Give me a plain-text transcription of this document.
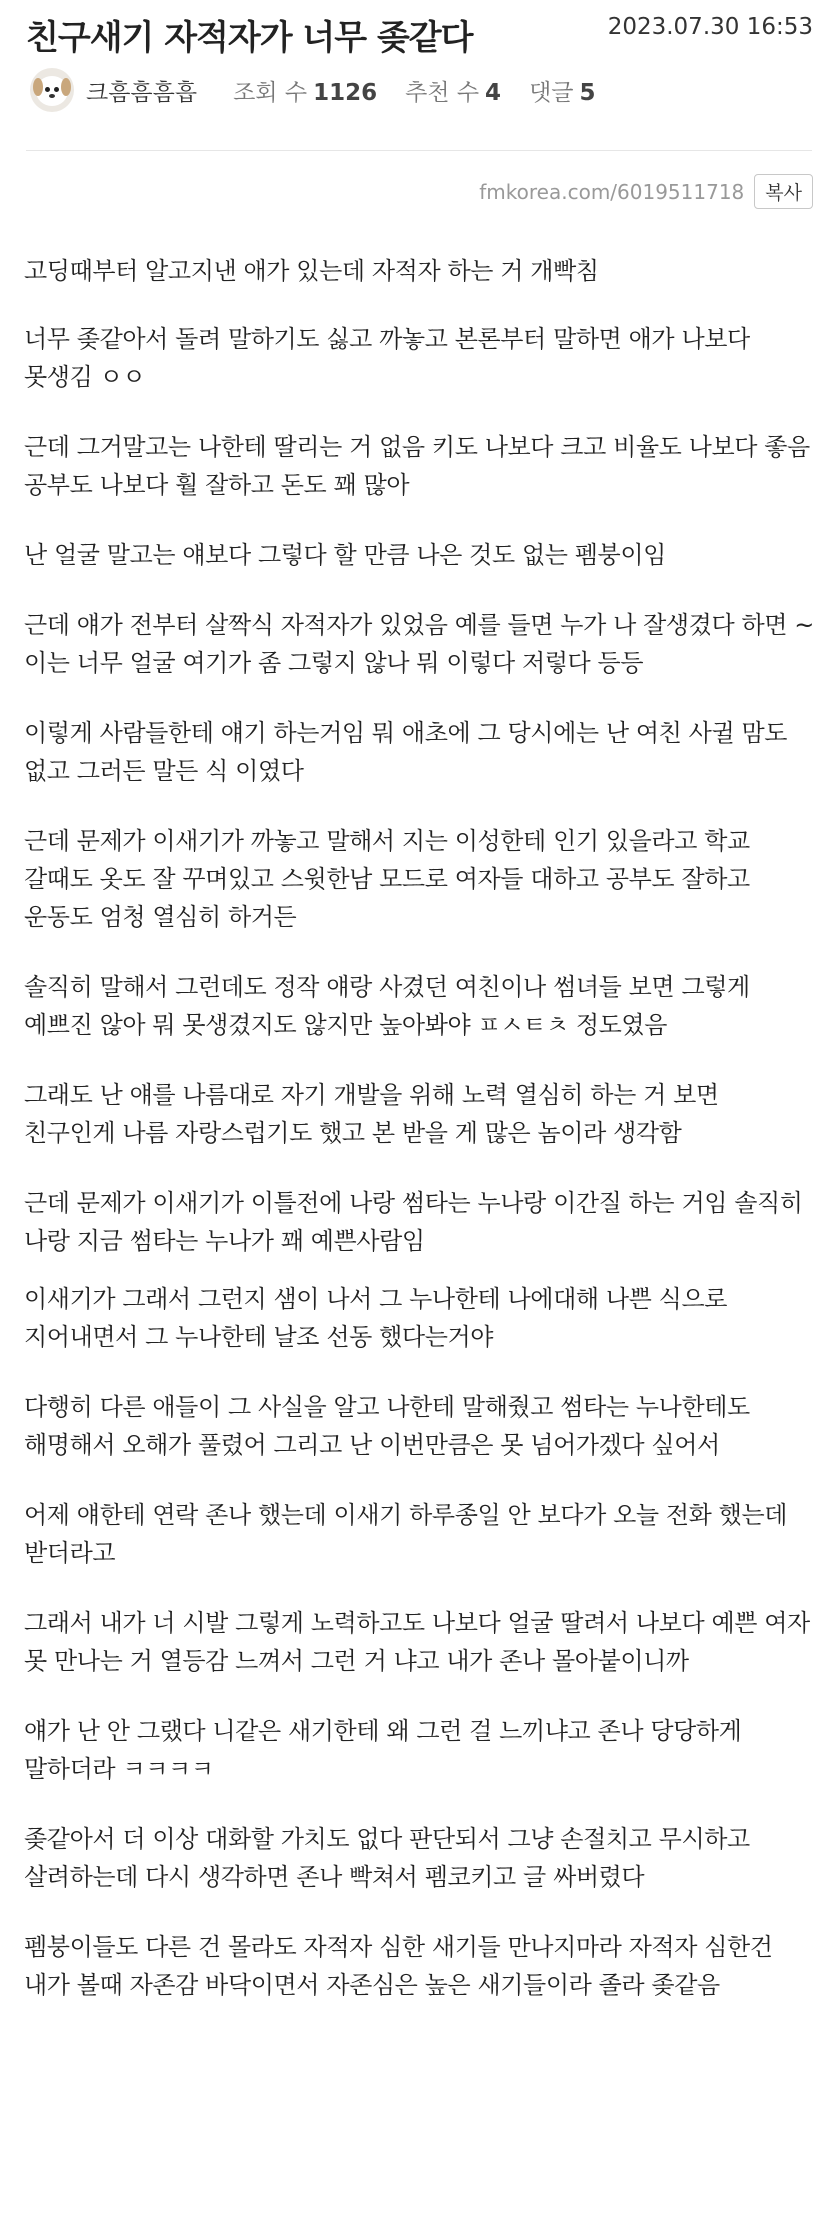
친구새기 자적자가 너무 좆같다	2023.07.30 16:53
크흠흠흠흡 조회 수 1126 추천 수 4 댓글 5
fmkorea.com/6019511718	복사

고딩때부터 알고지낸 애가 있는데 자적자 하는 거 개빡침

너무 좆같아서 돌려 말하기도 싫고 까놓고 본론부터 말하면 애가 나보다 못생김 ㅇㅇ

근데 그거말고는 나한테 딸리는 거 없음 키도 나보다 크고 비율도 나보다 좋음 공부도 나보다 훨 잘하고 돈도 꽤 많아

난 얼굴 말고는 얘보다 그렇다 할 만큼 나은 것도 없는 펨붕이임

근데 얘가 전부터 살짝식 자적자가 있었음 예를 들면 누가 나 잘생겼다 하면 ~이는 너무 얼굴 여기가 좀 그렇지 않나 뭐 이렇다 저렇다 등등

이렇게 사람들한테 얘기 하는거임 뭐 애초에 그 당시에는 난 여친 사귈 맘도 없고 그러든 말든 식 이였다

근데 문제가 이새기가 까놓고 말해서 지는 이성한테 인기 있을라고 학교 갈때도 옷도 잘 꾸며있고 스윗한남 모드로 여자들 대하고 공부도 잘하고 운동도 엄청 열심히 하거든

솔직히 말해서 그런데도 정작 얘랑 사겼던 여친이나 썸녀들 보면 그렇게 예쁘진 않아 뭐 못생겼지도 않지만 높아봐야 ㅍㅅㅌㅊ 정도였음

그래도 난 얘를 나름대로 자기 개발을 위해 노력 열심히 하는 거 보면 친구인게 나름 자랑스럽기도 했고 본 받을 게 많은 놈이라 생각함

근데 문제가 이새기가 이틀전에 나랑 썸타는 누나랑 이간질 하는 거임 솔직히 나랑 지금 썸타는 누나가 꽤 예쁜사람임

이새기가 그래서 그런지 샘이 나서 그 누나한테 나에대해 나쁜 식으로 지어내면서 그 누나한테 날조 선동 했다는거야

다행히 다른 애들이 그 사실을 알고 나한테 말해줬고 썸타는 누나한테도 해명해서 오해가 풀렸어 그리고 난 이번만큼은 못 넘어가겠다 싶어서

어제 얘한테 연락 존나 했는데 이새기 하루종일 안 보다가 오늘 전화 했는데 받더라고

그래서 내가 너 시발 그렇게 노력하고도 나보다 얼굴 딸려서 나보다 예쁜 여자 못 만나는 거 열등감 느껴서 그런 거 냐고 내가 존나 몰아붙이니까

얘가 난 안 그랬다 니같은 새기한테 왜 그런 걸 느끼냐고 존나 당당하게 말하더라 ㅋㅋㅋㅋ

좆같아서 더 이상 대화할 가치도 없다 판단되서 그냥 손절치고 무시하고 살려하는데 다시 생각하면 존나 빡쳐서 펨코키고 글 싸버렸다

펨붕이들도 다른 건 몰라도 자적자 심한 새기들 만나지마라 자적자 심한건 내가 볼때 자존감 바닥이면서 자존심은 높은 새기들이라 졸라 좆같음
